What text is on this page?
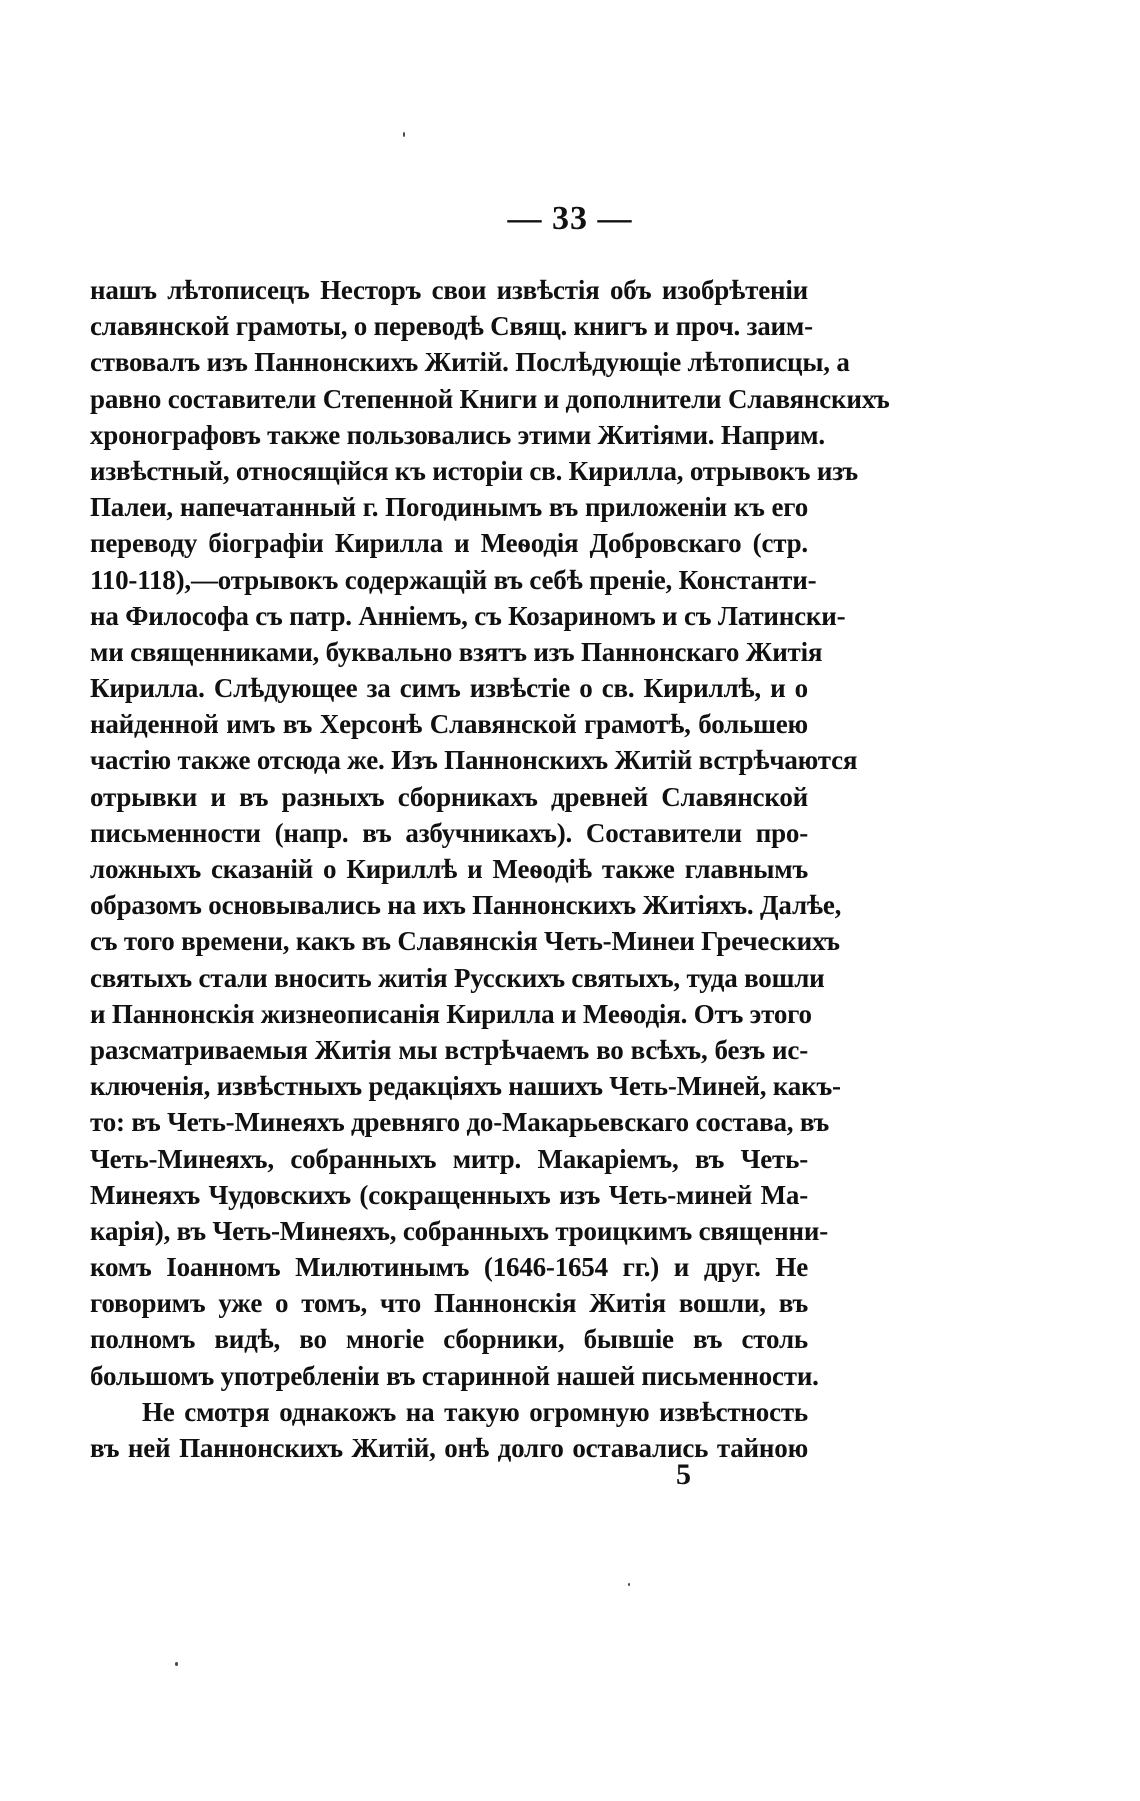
— 33 —
нашъ лѣтописецъ Несторъ свои извѣстія объ изобрѣтеніи
славянской грамоты, о переводѣ Свящ. книгъ и проч. заим-
ствовалъ изъ Паннонскихъ Житій. Послѣдующіе лѣтописцы, а
равно составители Степенной Книги и дополнители Славянскихъ
хронографовъ также пользовались этими Житіями. Наприм.
извѣстный, относящійся къ исторіи св. Кирилла, отрывокъ изъ
Палеи, напечатанный г. Погодинымъ въ приложеніи къ его
переводу біографіи Кирилла и Меѳодія Добровскаго (стр.
110-118),—отрывокъ содержащій въ себѣ преніе, Константи-
на Философа съ патр. Анніемъ, съ Козариномъ и съ Латински-
ми священниками, буквально взятъ изъ Паннонскаго Житія
Кирилла. Слѣдующее за симъ извѣстіе о св. Кириллѣ, и о
найденной имъ въ Херсонѣ Славянской грамотѣ, большею
частію также отсюда же. Изъ Паннонскихъ Житій встрѣчаются
отрывки и въ разныхъ сборникахъ древней Славянской
письменности (напр. въ азбучникахъ). Составители про-
ложныхъ сказаній о Кириллѣ и Меѳодіѣ также главнымъ
образомъ основывались на ихъ Паннонскихъ Житіяхъ. Далѣе,
съ того времени, какъ въ Славянскія Четь-Минеи Греческихъ
святыхъ стали вносить житія Русскихъ святыхъ, туда вошли
и Паннонскія жизнеописанія Кирилла и Меѳодія. Отъ этого
разсматриваемыя Житія мы встрѣчаемъ во всѣхъ, безъ ис-
ключенія, извѣстныхъ редакціяхъ нашихъ Четь-Миней, какъ-
то: въ Четь-Минеяхъ древняго до-Макарьевскаго состава, въ
Четь-Минеяхъ, собранныхъ митр. Макаріемъ, въ Четь-
Минеяхъ Чудовскихъ (сокращенныхъ изъ Четь-миней Ма-
карія), въ Четь-Минеяхъ, собранныхъ троицкимъ священни-
комъ Іоанномъ Милютинымъ (1646-1654 гг.) и друг. Не
говоримъ уже о томъ, что Паннонскія Житія вошли, въ
полномъ видѣ, во многіе сборники, бывшіе въ столь
большомъ употребленіи въ старинной нашей письменности.
Не смотря однакожъ на такую огромную извѣстность
въ ней Паннонскихъ Житій, онѣ долго оставались тайною
5
